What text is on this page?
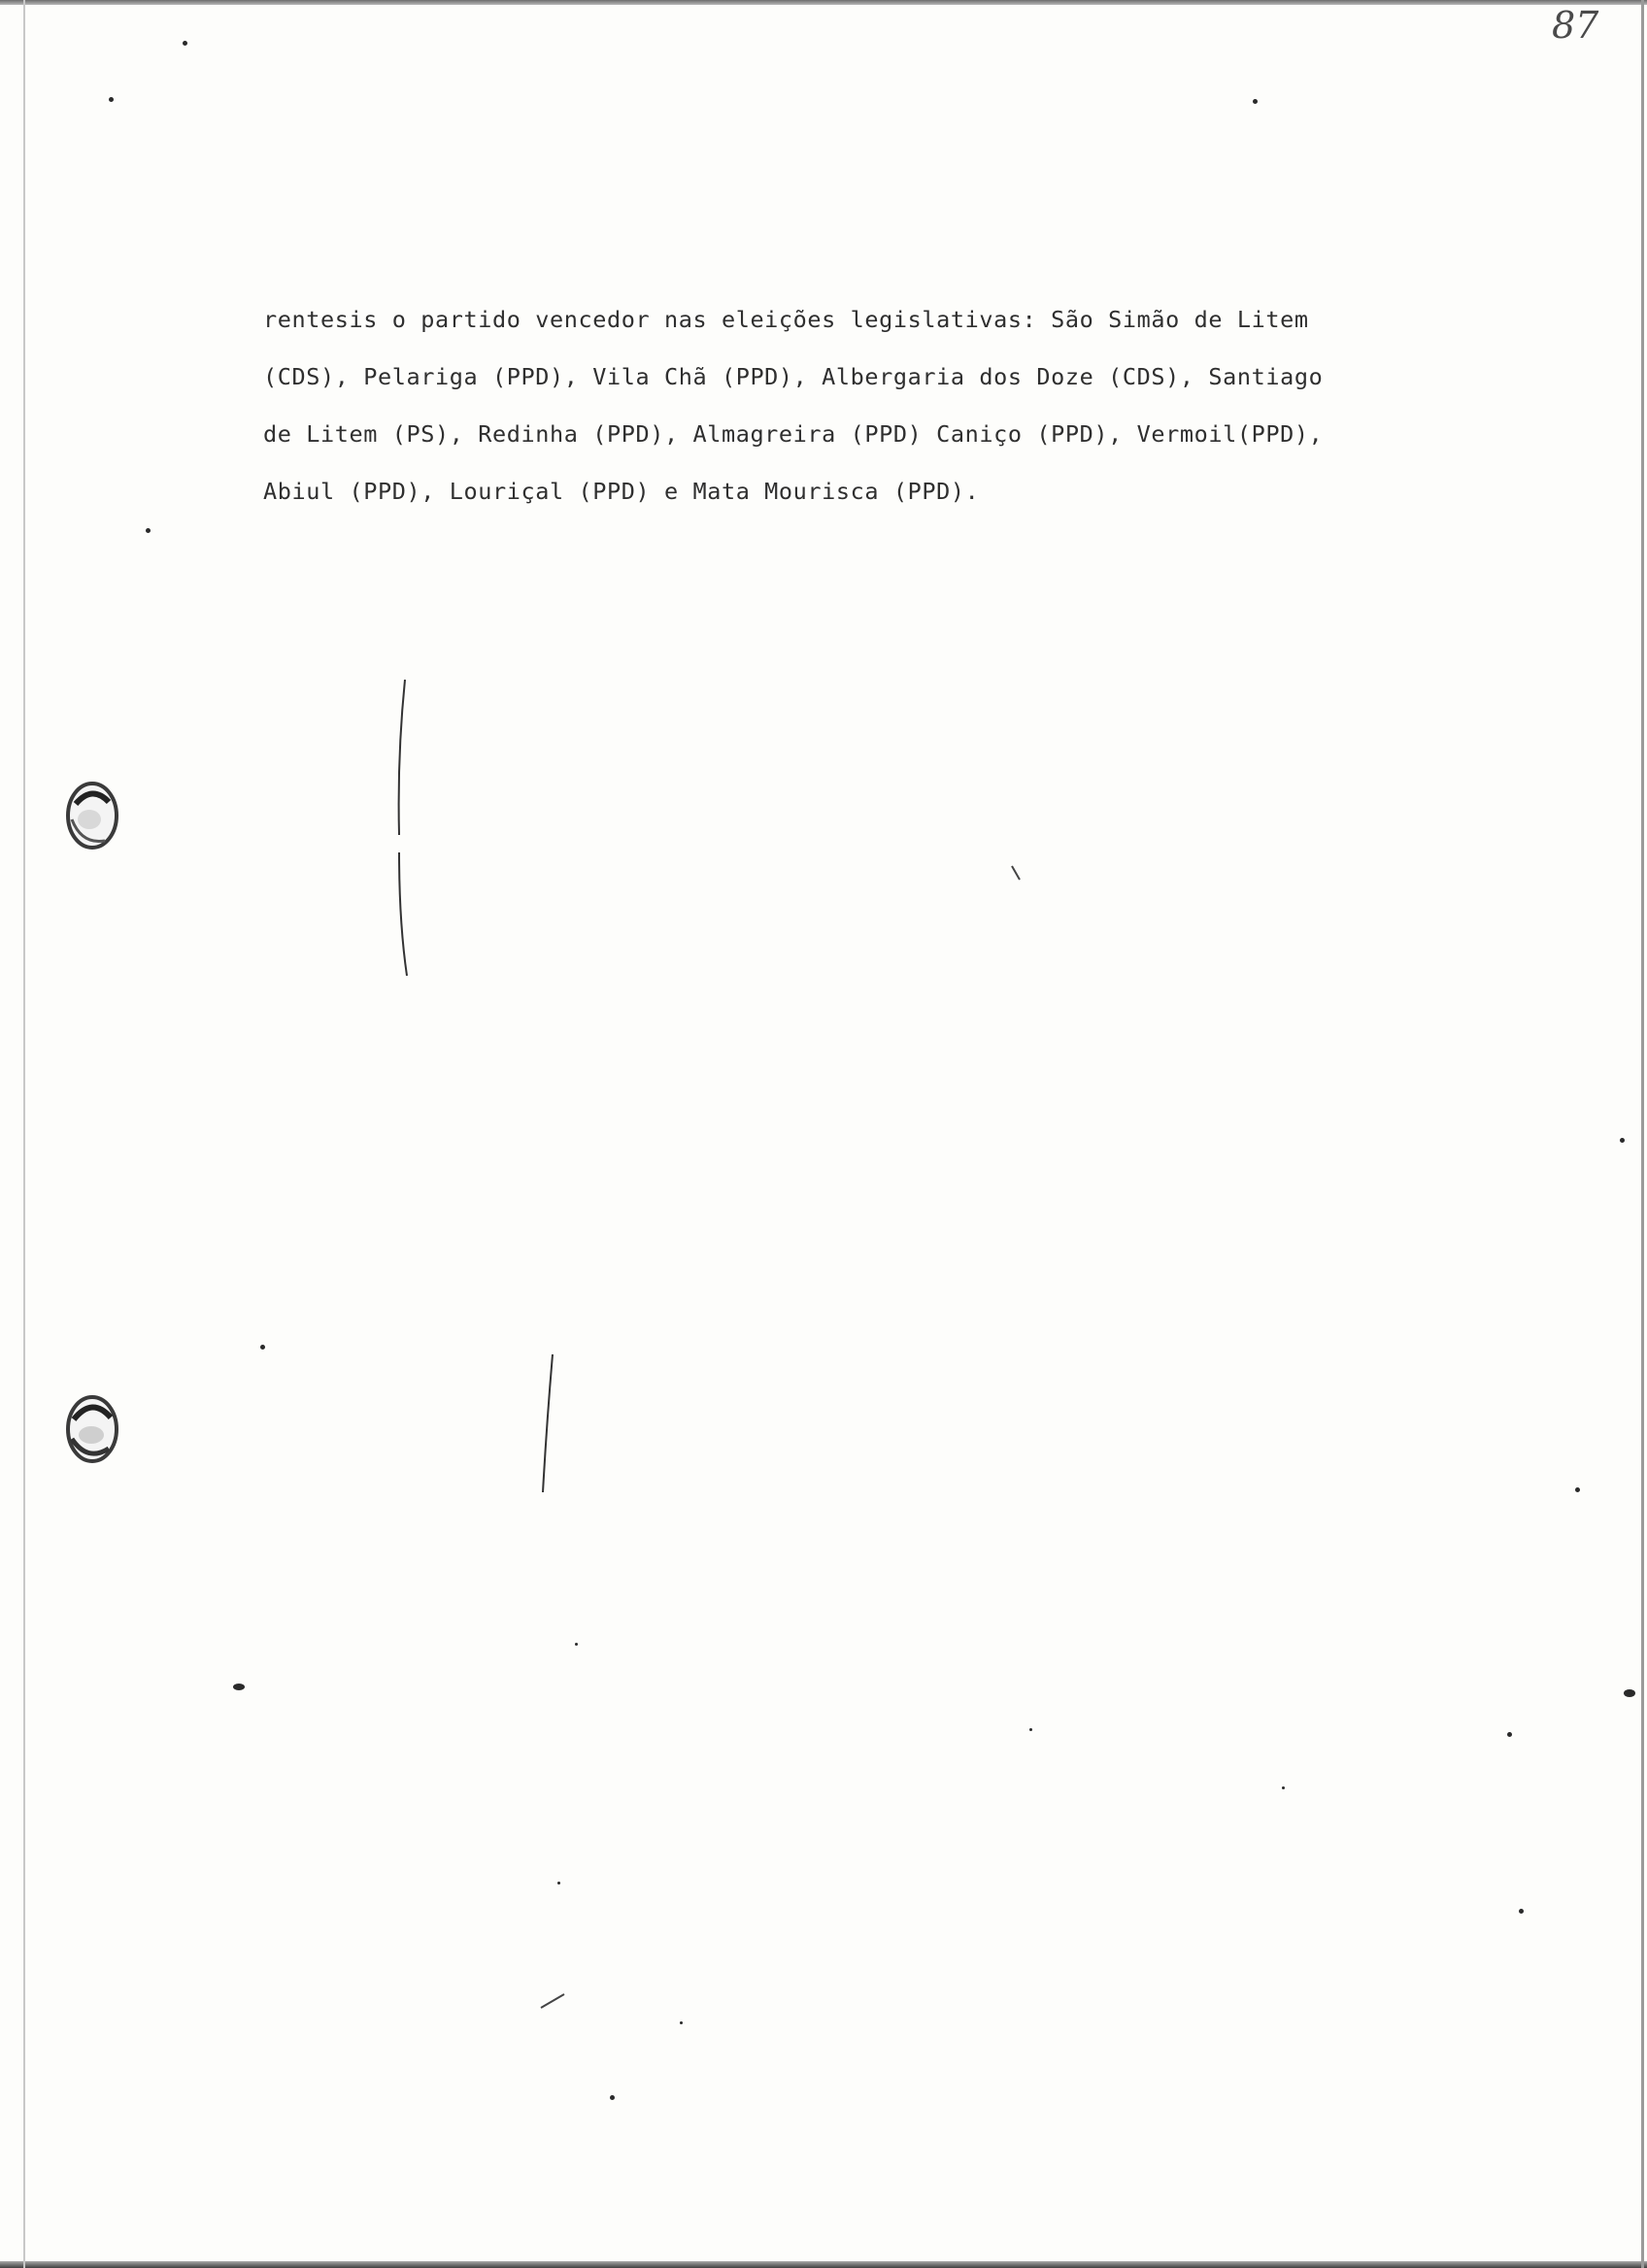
87
rentesis o partido vencedor nas eleições legislativas: São Simão de Litem
(CDS), Pelariga (PPD), Vila Chã (PPD), Albergaria dos Doze (CDS), Santiago
de Litem (PS), Redinha (PPD), Almagreira (PPD) Caniço (PPD), Vermoil(PPD),
Abiul (PPD), Louriçal (PPD) e Mata Mourisca (PPD).
